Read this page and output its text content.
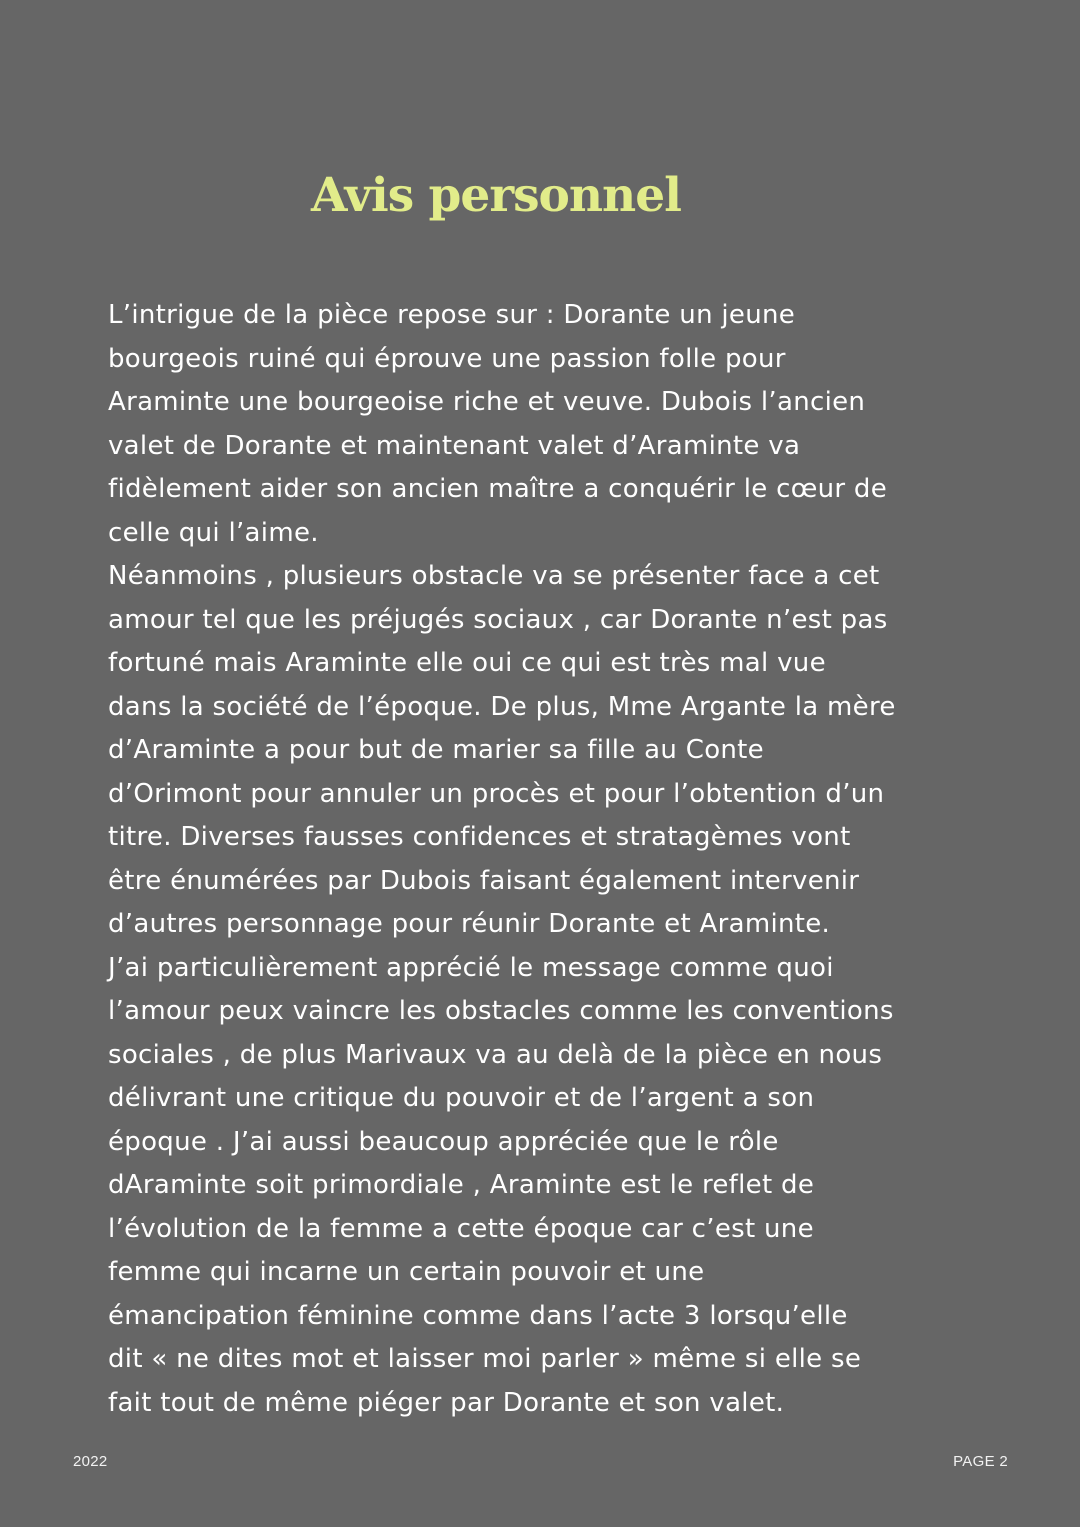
Avis personnel
L’intrigue de la pièce repose sur : Dorante un jeune
bourgeois ruiné qui éprouve une passion folle pour
Araminte une bourgeoise riche et veuve. Dubois l’ancien
valet de Dorante et maintenant valet d’Araminte va
fidèlement aider son ancien maître a conquérir le cœur de
celle qui l’aime.
Néanmoins , plusieurs obstacle va se présenter face a cet
amour tel que les préjugés sociaux , car Dorante n’est pas
fortuné mais Araminte elle oui ce qui est très mal vue
dans la société de l’époque. De plus, Mme Argante la mère
d’Araminte a pour but de marier sa fille au Conte
d’Orimont pour annuler un procès et pour l’obtention d’un
titre. Diverses fausses confidences et stratagèmes vont
être énumérées par Dubois faisant également intervenir
d’autres personnage pour réunir Dorante et Araminte.
J’ai particulièrement apprécié le message comme quoi
l’amour peux vaincre les obstacles comme les conventions
sociales , de plus Marivaux va au delà de la pièce en nous
délivrant une critique du pouvoir et de l’argent a son
époque . J’ai aussi beaucoup appréciée que le rôle
dAraminte soit primordiale , Araminte est le reflet de
l’évolution de la femme a cette époque car c’est une
femme qui incarne un certain pouvoir et une
émancipation féminine comme dans l’acte 3 lorsqu’elle
dit « ne dites mot et laisser moi parler » même si elle se
fait tout de même piéger par Dorante et son valet.
2022	PAGE 2
